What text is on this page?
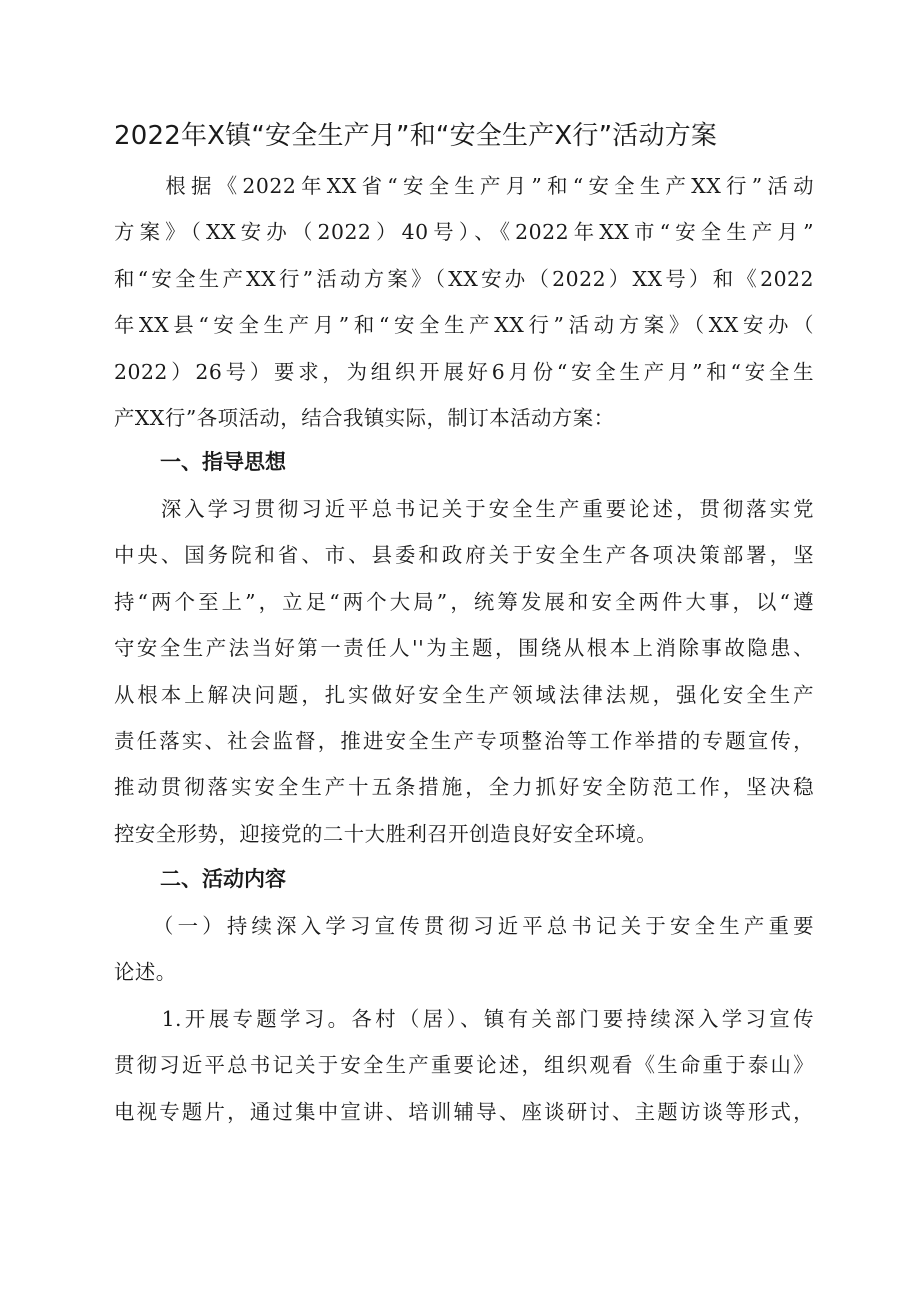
2022年X镇“安全生产月”和“安全生产X行”活动方案
　　根据《2022年XX省“安全生产月”和“安全生产XX行”活动
方案》（XX安办（2022）40号）、《2022年XX市“安全生产月”
和“安全生产XX行”活动方案》（XX安办（2022）XX号）和《2022
年XX县“安全生产月”和“安全生产XX行”活动方案》（XX安办（
2022）26号）要求，为组织开展好6月份“安全生产月”和“安全生
产XX行”各项活动，结合我镇实际，制订本活动方案：
一、指导思想
　　深入学习贯彻习近平总书记关于安全生产重要论述，贯彻落实党
中央、国务院和省、市、县委和政府关于安全生产各项决策部署，坚
持“两个至上”，立足“两个大局”，统筹发展和安全两件大事，以“遵
守安全生产法当好第一责任人''为主题，围绕从根本上消除事故隐患、
从根本上解决问题，扎实做好安全生产领域法律法规，强化安全生产
责任落实、社会监督，推进安全生产专项整治等工作举措的专题宣传，
推动贯彻落实安全生产十五条措施，全力抓好安全防范工作，坚决稳
控安全形势，迎接党的二十大胜利召开创造良好安全环境。
二、活动内容
　　（一）持续深入学习宣传贯彻习近平总书记关于安全生产重要
论述。
　　1.开展专题学习。各村（居）、镇有关部门要持续深入学习宣传
贯彻习近平总书记关于安全生产重要论述，组织观看《生命重于泰山》
电视专题片，通过集中宣讲、培训辅导、座谈研讨、主题访谈等形式，
